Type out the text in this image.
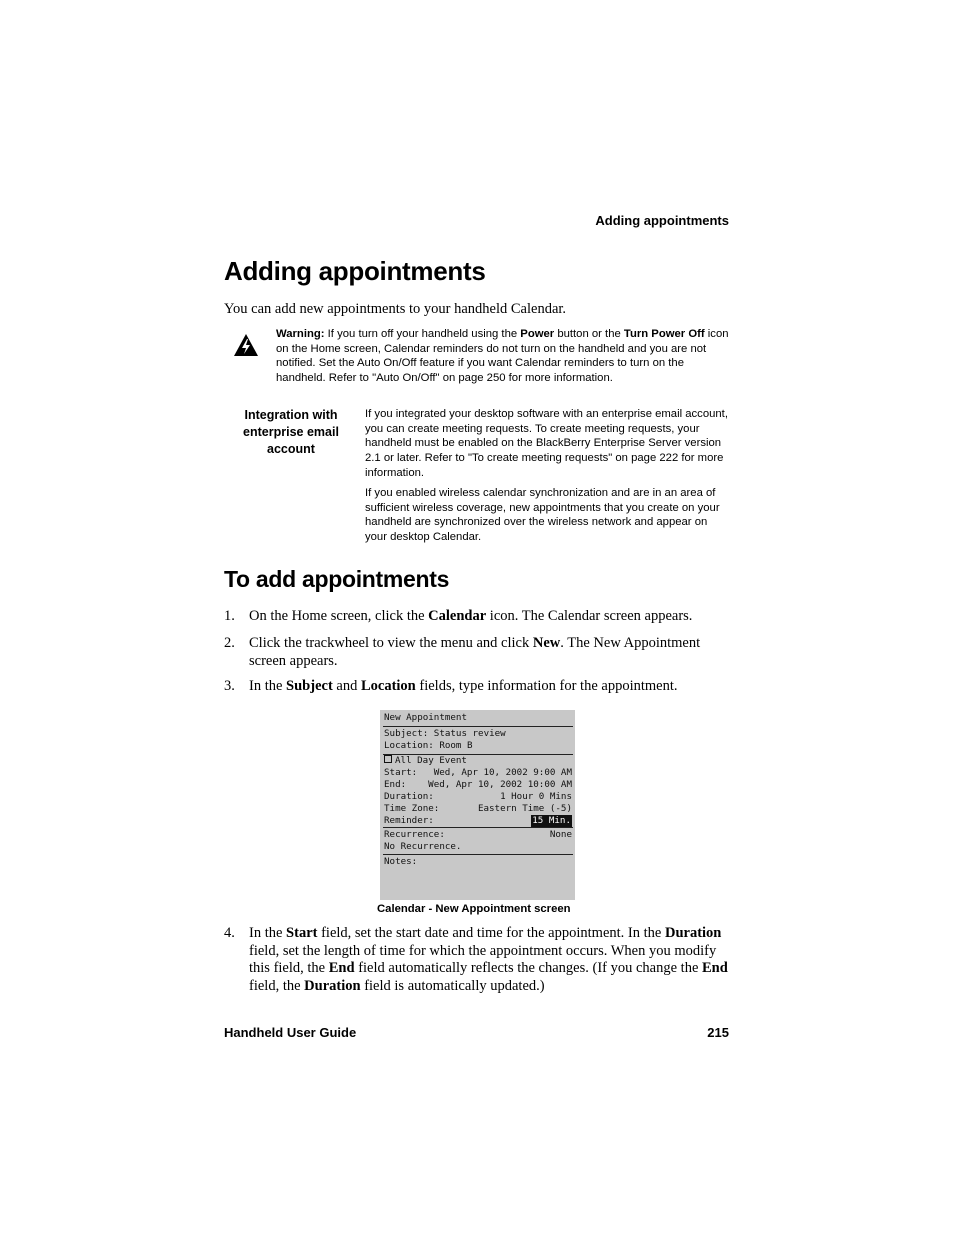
Adding appointments
Adding appointments
You can add new appointments to your handheld Calendar.
Warning: If you turn off your handheld using the Power button or the Turn Power Off icon on the Home screen, Calendar reminders do not turn on the handheld and you are not notified. Set the Auto On/Off feature if you want Calendar reminders to turn on the handheld. Refer to "Auto On/Off" on page 250 for more information.
Integration with enterprise email account
If you integrated your desktop software with an enterprise email account, you can create meeting requests. To create meeting requests, your handheld must be enabled on the BlackBerry Enterprise Server version 2.1 or later. Refer to "To create meeting requests" on page 222 for more information.
If you enabled wireless calendar synchronization and are in an area of sufficient wireless coverage, new appointments that you create on your handheld are synchronized over the wireless network and appear on your desktop Calendar.
To add appointments
1. On the Home screen, click the Calendar icon. The Calendar screen appears.
2. Click the trackwheel to view the menu and click New. The New Appointment screen appears.
3. In the Subject and Location fields, type information for the appointment.
New Appointment
Subject: Status review
Location: Room B
All Day Event
Start: Wed, Apr 10, 2002 9:00 AM
End: Wed, Apr 10, 2002 10:00 AM
Duration:	1 Hour 0 Mins
Time Zone:	Eastern Time (-5)
Reminder:	15 Min.
Recurrence:	None
No Recurrence.
Notes:
Calendar - New Appointment screen
4. In the Start field, set the start date and time for the appointment. In the Duration field, set the length of time for which the appointment occurs. When you modify this field, the End field automatically reflects the changes. (If you change the End field, the Duration field is automatically updated.)
Handheld User Guide	215
